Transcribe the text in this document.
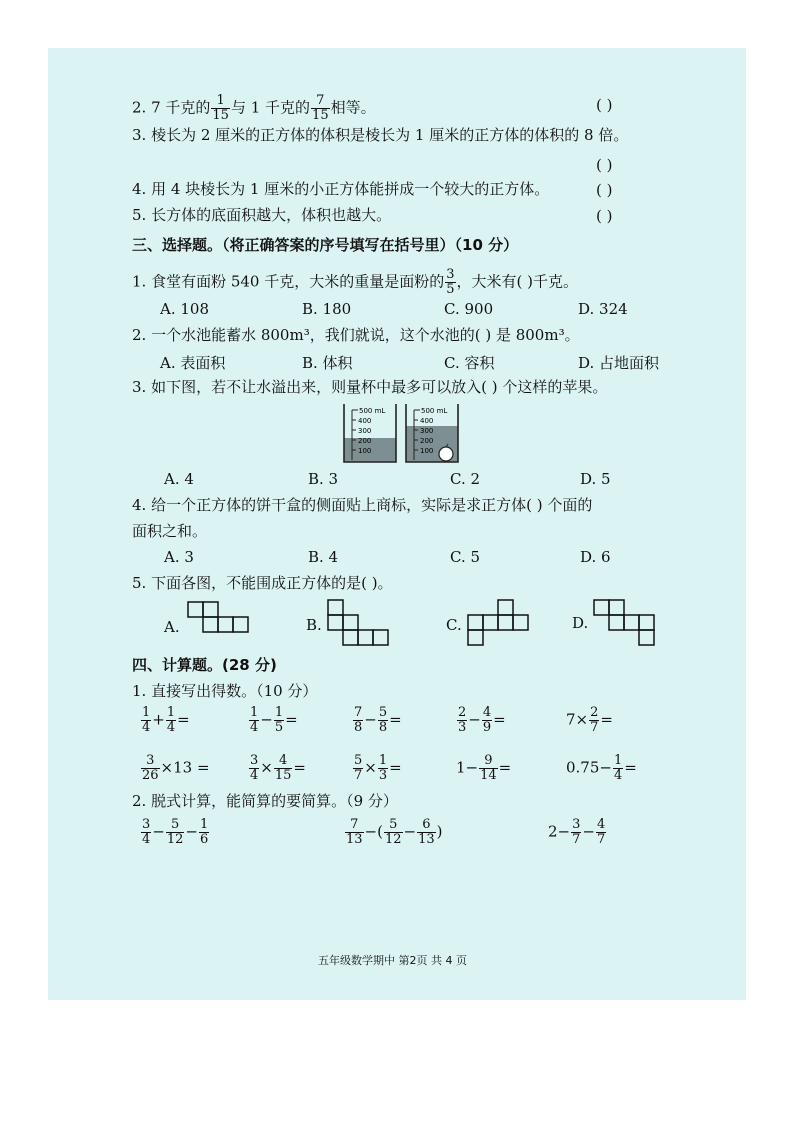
2. 7 千克的 $\frac{1}{15}$ 与 1 千克的 $\frac{7}{15}$ 相等。	( )
3. 棱长为 2 厘米的正方体的体积是棱长为 1 厘米的正方体的体积的 8 倍。
( )
4. 用 4 块棱长为 1 厘米的小正方体能拼成一个较大的正方体。	( )
5. 长方体的底面积越大，体积也越大。	( )
三、选择题。（将正确答案的序号填写在括号里）（10 分）
1. 食堂有面粉 540 千克，大米的重量是面粉的 $\frac{3}{5}$ ，大米有( )千克。
A. 108	B. 180	C. 900	D. 324
2. 一个水池能蓄水 800m³，我们就说，这个水池的( ) 是 800m³。
A. 表面积	B. 体积	C. 容积	D. 占地面积
3. 如下图，若不让水溢出来，则量杯中最多可以放入( ) 个这样的苹果。
500 mL
400
300
200
100
500 mL
400
300
200
100
A. 4	B. 3	C. 2	D. 5
4. 给一个正方体的饼干盒的侧面贴上商标，实际是求正方体( ) 个面的
面积之和。
A. 3	B. 4	C. 5	D. 6
5. 下面各图，不能围成正方体的是( )。
A.	B.	C.	D.
四、计算题。(28 分)
1. 直接写出得数。（10 分）
$\frac{1}{4} + \frac{1}{4}$ =	$\frac{1}{4} - \frac{1}{5}$ =	$\frac{7}{8} - \frac{5}{8}$ =	$\frac{2}{3} - \frac{4}{9}$ =	$7\times \frac{2}{7}$ =
$\frac{3}{26} \times 13$ =	$\frac{3}{4} \times \frac{4}{15}$ =	$\frac{5}{7} \times \frac{1}{3}$ =	$1- \frac{9}{14}$ =	$0.75- \frac{1}{4}$ =
2. 脱式计算，能简算的要简算。（9 分）
$\frac{3}{4} - \frac{5}{12} - \frac{1}{6}$	$\frac{7}{13}$ −( $\frac{5}{12} - \frac{6}{13}$ )	$2- \frac{3}{7} - \frac{4}{7}$
五年级数学期中 第2页 共 4 页
